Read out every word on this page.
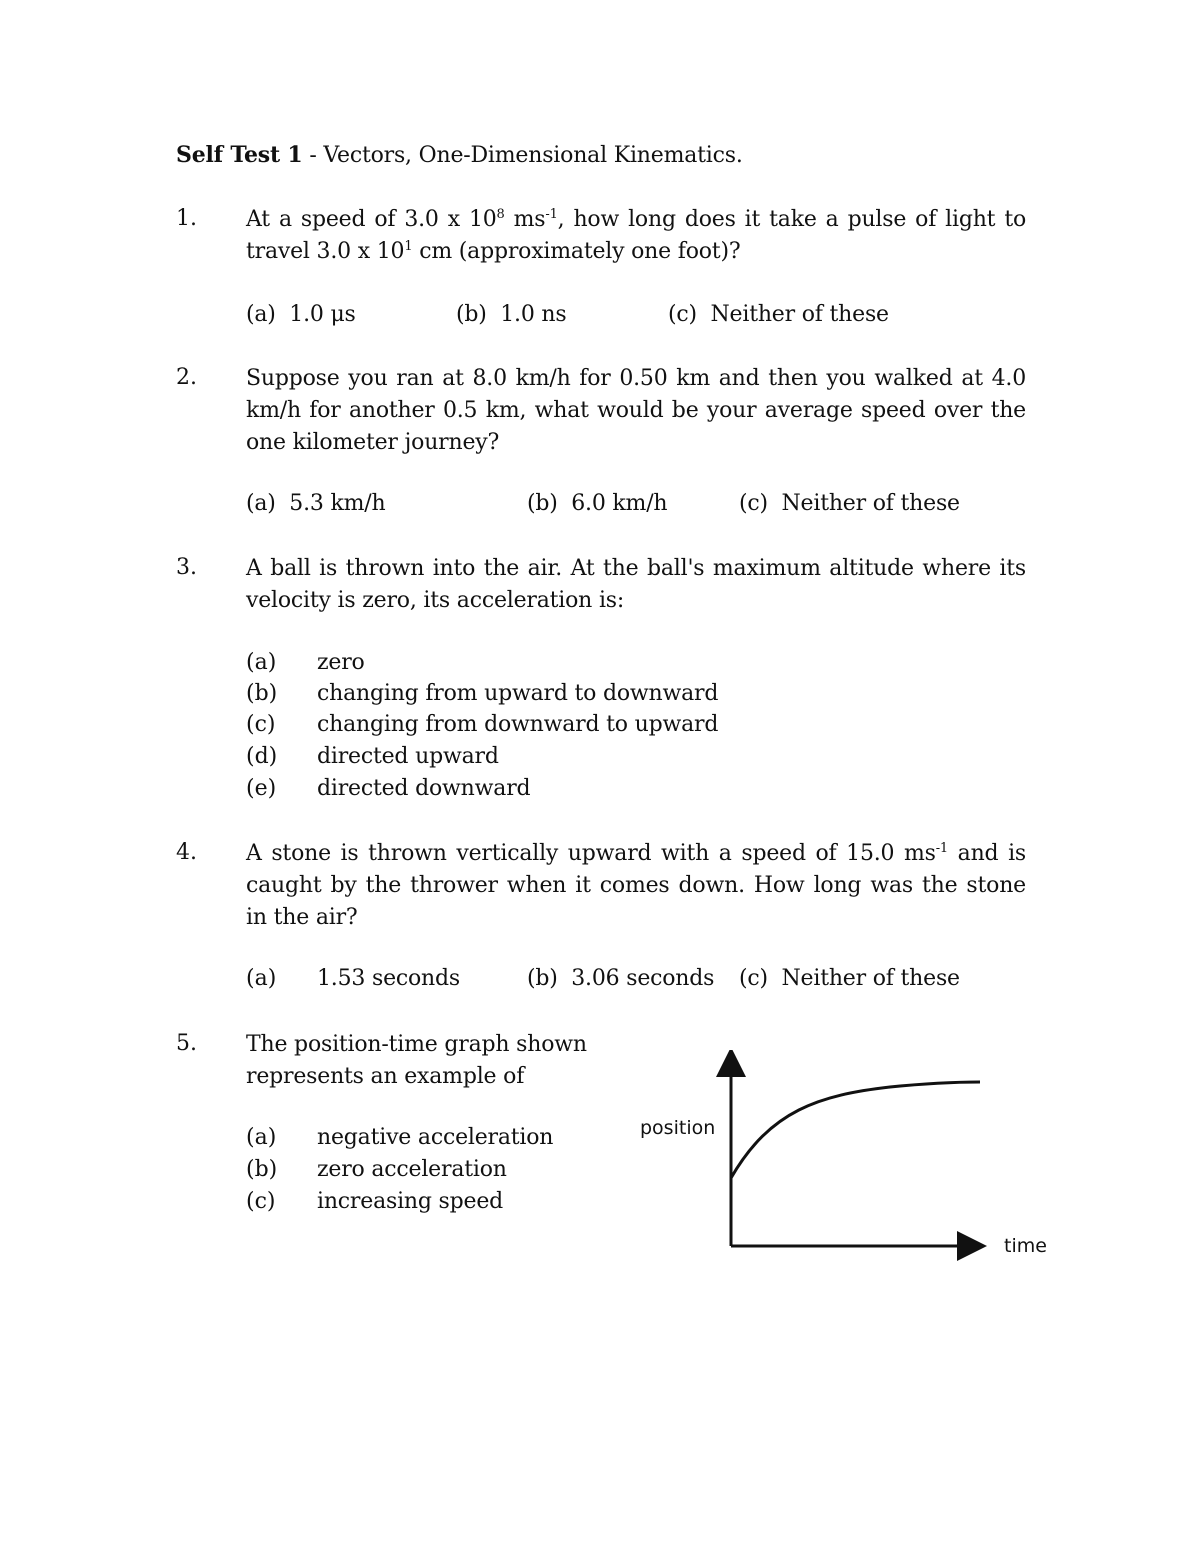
Self Test 1 - Vectors, One-Dimensional Kinematics.
1. At a speed of 3.0 x $10^8$ $ms^{-1}$, how long does it take a pulse of light to travel 3.0 x $10^1$ cm (approximately one foot)?
(a) 1.0 μs	(b) 1.0 ns	(c) Neither of these
2. Suppose you ran at 8.0 km/h for 0.50 km and then you walked at 4.0 km/h for another 0.5 km, what would be your average speed over the one kilometer journey?
(a) 5.3 km/h	(b) 6.0 km/h	(c) Neither of these
3. A ball is thrown into the air. At the ball's maximum altitude where its velocity is zero, its acceleration is:
(a) zero
(b) changing from upward to downward
(c) changing from downward to upward
(d) directed upward
(e) directed downward
4. A stone is thrown vertically upward with a speed of 15.0 $ms^{-1}$ and is caught by the thrower when it comes down. How long was the stone in the air?
(a) 1.53 seconds	(b) 3.06 seconds (c) Neither of these
5. The position-time graph shown represents an example of
(a) negative acceleration
(b) zero acceleration
(c) increasing speed
position
time
